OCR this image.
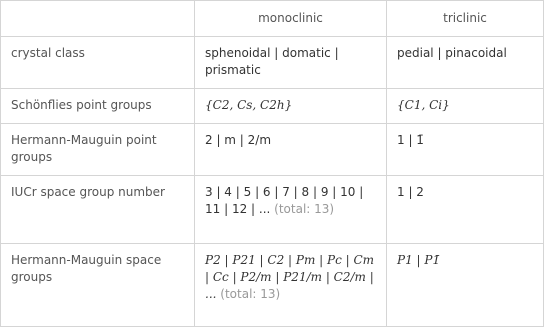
	monoclinic	triclinic
crystal class	sphenoidal | domatic | prismatic	pedial | pinacoidal
Schönflies point groups	{C2, Cs, C2h}	{C1, Ci}
Hermann-Mauguin point groups	2 | m | 2/m	1 | 1̄
IUCr space group number	3 | 4 | 5 | 6 | 7 | 8 | 9 | 10 | 11 | 12 | ... (total: 13)	1 | 2
Hermann-Mauguin space groups	P2 | P21 | C2 | Pm | Pc | Cm | Cc | P2/m | P21/m | C2/m | ... (total: 13)	P1 | P1̄
